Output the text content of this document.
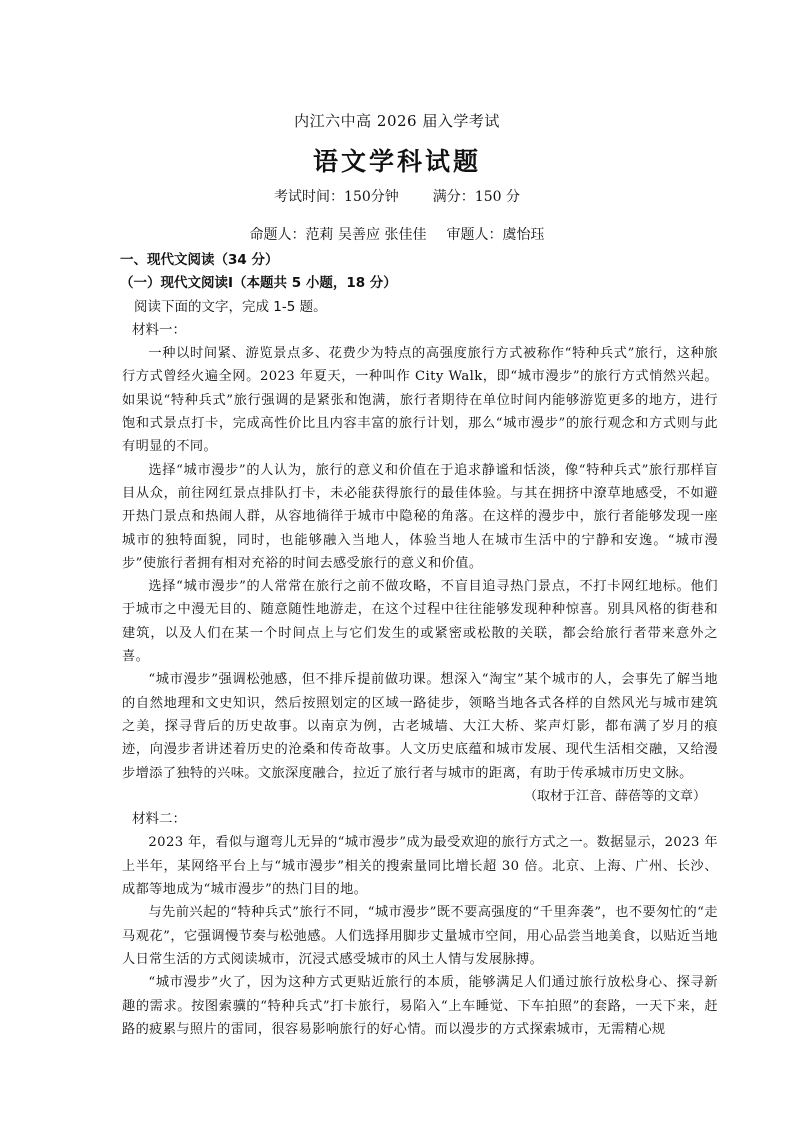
内江六中高 2026 届入学考试
语文学科试题
考试时间：150分钟 满分：150 分
命题人：范莉 吴善应 张佳佳 审题人：虞怡珏
一、现代文阅读（34 分）
（一）现代文阅读Ⅰ（本题共 5 小题，18 分）
阅读下面的文字，完成 1-5 题。
材料一：

一种以时间紧、游览景点多、花费少为特点的高强度旅行方式被称作“特种兵式”旅行，这种旅行方式曾经火遍全网。2023 年夏天，一种叫作 City Walk，即“城市漫步”的旅行方式悄然兴起。如果说“特种兵式”旅行强调的是紧张和饱满，旅行者期待在单位时间内能够游览更多的地方，进行饱和式景点打卡，完成高性价比且内容丰富的旅行计划，那么“城市漫步”的旅行观念和方式则与此有明显的不同。

选择“城市漫步”的人认为，旅行的意义和价值在于追求静谧和恬淡，像“特种兵式”旅行那样盲目从众，前往网红景点排队打卡，未必能获得旅行的最佳体验。与其在拥挤中潦草地感受，不如避开热门景点和热闹人群，从容地徜徉于城市中隐秘的角落。在这样的漫步中，旅行者能够发现一座城市的独特面貌，同时，也能够融入当地人，体验当地人在城市生活中的宁静和安逸。“城市漫步”使旅行者拥有相对充裕的时间去感受旅行的意义和价值。

选择“城市漫步”的人常常在旅行之前不做攻略，不盲目追寻热门景点，不打卡网红地标。他们于城市之中漫无目的、随意随性地游走，在这个过程中往往能够发现种种惊喜。别具风格的街巷和建筑，以及人们在某一个时间点上与它们发生的或紧密或松散的关联，都会给旅行者带来意外之喜。

“城市漫步”强调松弛感，但不排斥提前做功课。想深入“淘宝”某个城市的人，会事先了解当地的自然地理和文史知识，然后按照划定的区域一路徒步，领略当地各式各样的自然风光与城市建筑之美，探寻背后的历史故事。以南京为例，古老城墙、大江大桥、桨声灯影，都布满了岁月的痕迹，向漫步者讲述着历史的沧桑和传奇故事。人文历史底蕴和城市发展、现代生活相交融，又给漫步增添了独特的兴味。文旅深度融合，拉近了旅行者与城市的距离，有助于传承城市历史文脉。

（取材于江音、薛蓓等的文章）
材料二：

2023 年，看似与遛弯儿无异的“城市漫步”成为最受欢迎的旅行方式之一。数据显示，2023 年上半年，某网络平台上与“城市漫步”相关的搜索量同比增长超 30 倍。北京、上海、广州、长沙、成都等地成为“城市漫步”的热门目的地。

与先前兴起的“特种兵式”旅行不同，“城市漫步”既不要高强度的“千里奔袭”，也不要匆忙的“走马观花”，它强调慢节奏与松弛感。人们选择用脚步丈量城市空间，用心品尝当地美食，以贴近当地人日常生活的方式阅读城市，沉浸式感受城市的风土人情与发展脉搏。

“城市漫步”火了，因为这种方式更贴近旅行的本质，能够满足人们通过旅行放松身心、探寻新趣的需求。按图索骥的“特种兵式”打卡旅行，易陷入“上车睡觉、下车拍照”的套路，一天下来，赶路的疲累与照片的雷同，很容易影响旅行的好心情。而以漫步的方式探索城市，无需精心规
